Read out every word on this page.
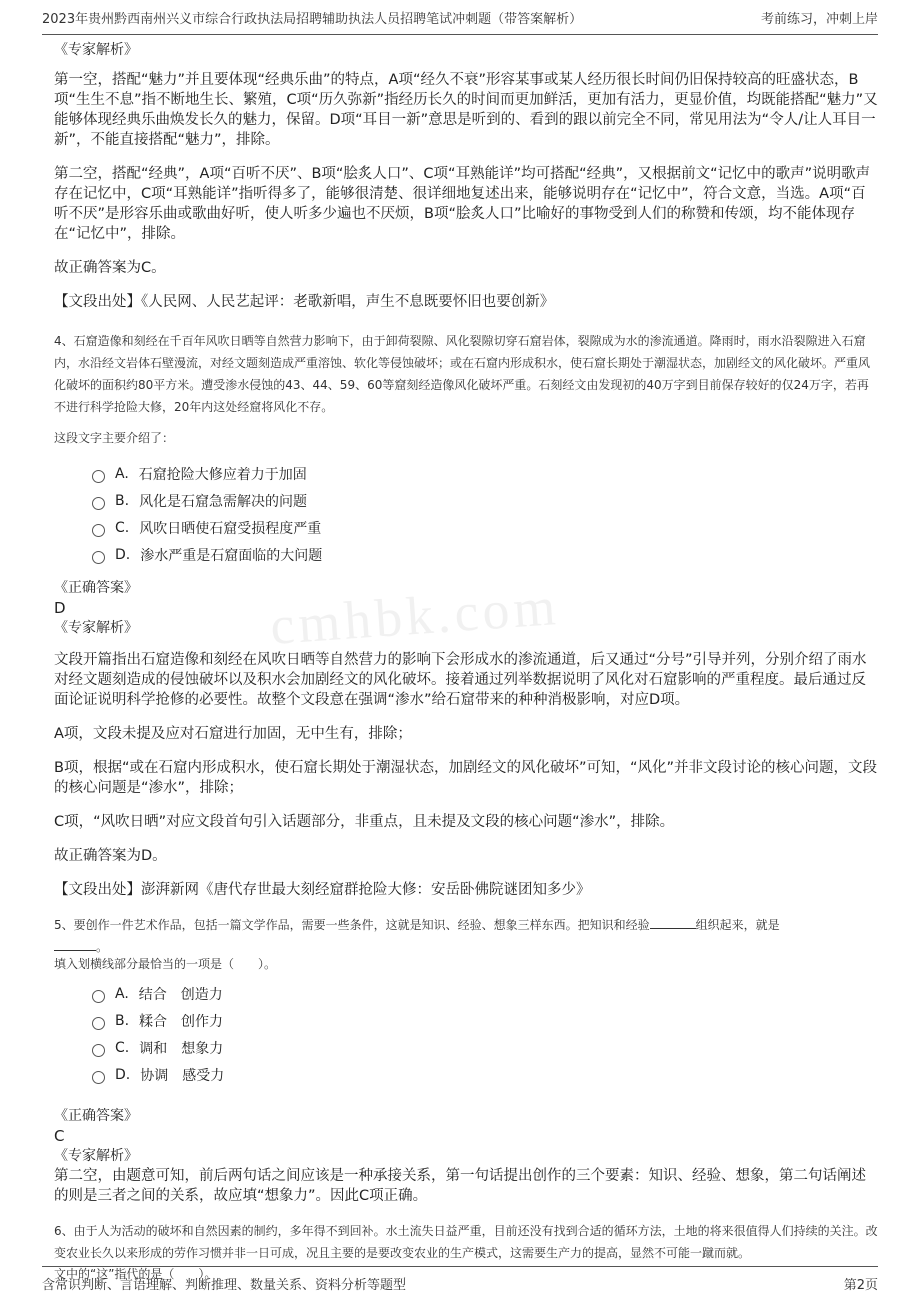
2023年贵州黔西南州兴义市综合行政执法局招聘辅助执法人员招聘笔试冲刺题（带答案解析）	考前练习，冲刺上岸
cmhbk.com
《专家解析》

第一空，搭配“魅力”并且要体现“经典乐曲”的特点，A项“经久不衰”形容某事或某人经历很长时间仍旧保持较高的旺盛状态，B项“生生不息”指不断地生长、繁殖，C项“历久弥新”指经历长久的时间而更加鲜活，更加有活力，更显价值，均既能搭配“魅力”又能够体现经典乐曲焕发长久的魅力，保留。D项“耳目一新”意思是听到的、看到的跟以前完全不同，常见用法为“令人/让人耳目一新”，不能直接搭配“魅力”，排除。

第二空，搭配“经典”，A项“百听不厌”、B项“脍炙人口”、C项“耳熟能详”均可搭配“经典”，又根据前文“记忆中的歌声”说明歌声存在记忆中，C项“耳熟能详”指听得多了，能够很清楚、很详细地复述出来，能够说明存在“记忆中”，符合文意，当选。A项“百听不厌”是形容乐曲或歌曲好听，使人听多少遍也不厌烦，B项“脍炙人口”比喻好的事物受到人们的称赞和传颂，均不能体现存在“记忆中”，排除。

故正确答案为C。

【文段出处】《人民网、人民艺起评：老歌新唱，声生不息既要怀旧也要创新》

4、石窟造像和刻经在千百年风吹日晒等自然营力影响下，由于卸荷裂隙、风化裂隙切穿石窟岩体，裂隙成为水的渗流通道。降雨时，雨水沿裂隙进入石窟内，水沿经文岩体石壁漫流，对经文题刻造成严重溶蚀、软化等侵蚀破坏；或在石窟内形成积水，使石窟长期处于潮湿状态，加剧经文的风化破坏。严重风化破坏的面积约80平方米。遭受渗水侵蚀的43、44、59、60等窟刻经造像风化破坏严重。石刻经文由发现初的40万字到目前保存较好的仅24万字，若再不进行科学抢险大修，20年内这处经窟将风化不存。

这段文字主要介绍了：

A. 石窟抢险大修应着力于加固
B. 风化是石窟急需解决的问题
C. 风吹日晒使石窟受损程度严重
D. 渗水严重是石窟面临的大问题
《正确答案》
D
《专家解析》

文段开篇指出石窟造像和刻经在风吹日晒等自然营力的影响下会形成水的渗流通道，后又通过“分号”引导并列，分别介绍了雨水对经文题刻造成的侵蚀破坏以及积水会加剧经文的风化破坏。接着通过列举数据说明了风化对石窟影响的严重程度。最后通过反面论证说明科学抢修的必要性。故整个文段意在强调“渗水”给石窟带来的种种消极影响，对应D项。

A项，文段未提及应对石窟进行加固，无中生有，排除；

B项，根据“或在石窟内形成积水，使石窟长期处于潮湿状态，加剧经文的风化破坏”可知，“风化”并非文段讨论的核心问题，文段的核心问题是“渗水”，排除；

C项，“风吹日晒”对应文段首句引入话题部分，非重点，且未提及文段的核心问题“渗水”，排除。

故正确答案为D。

【文段出处】澎湃新网《唐代存世最大刻经窟群抢险大修：安岳卧佛院谜团知多少》

5、要创作一件艺术作品，包括一篇文学作品，需要一些条件，这就是知识、经验、想象三样东西。把知识和经验	组织起来，就是
。

填入划横线部分最恰当的一项是（　　）。

A. 结合　创造力
B. 糅合　创作力
C. 调和　想象力
D. 协调　感受力
《正确答案》
C
《专家解析》

第二空，由题意可知，前后两句话之间应该是一种承接关系，第一句话提出创作的三个要素：知识、经验、想象，第二句话阐述的则是三者之间的关系，故应填“想象力”。因此C项正确。

6、由于人为活动的破坏和自然因素的制约，多年得不到回补。水土流失日益严重，目前还没有找到合适的循环方法，土地的将来很值得人们持续的关注。改变农业长久以来形成的劳作习惯并非一日可成，况且主要的是要改变农业的生产模式，这需要生产力的提高，显然不可能一蹴而就。

文中的“这”指代的是（　　）。

含常识判断、言语理解、判断推理、数量关系、资料分析等题型	第2页
